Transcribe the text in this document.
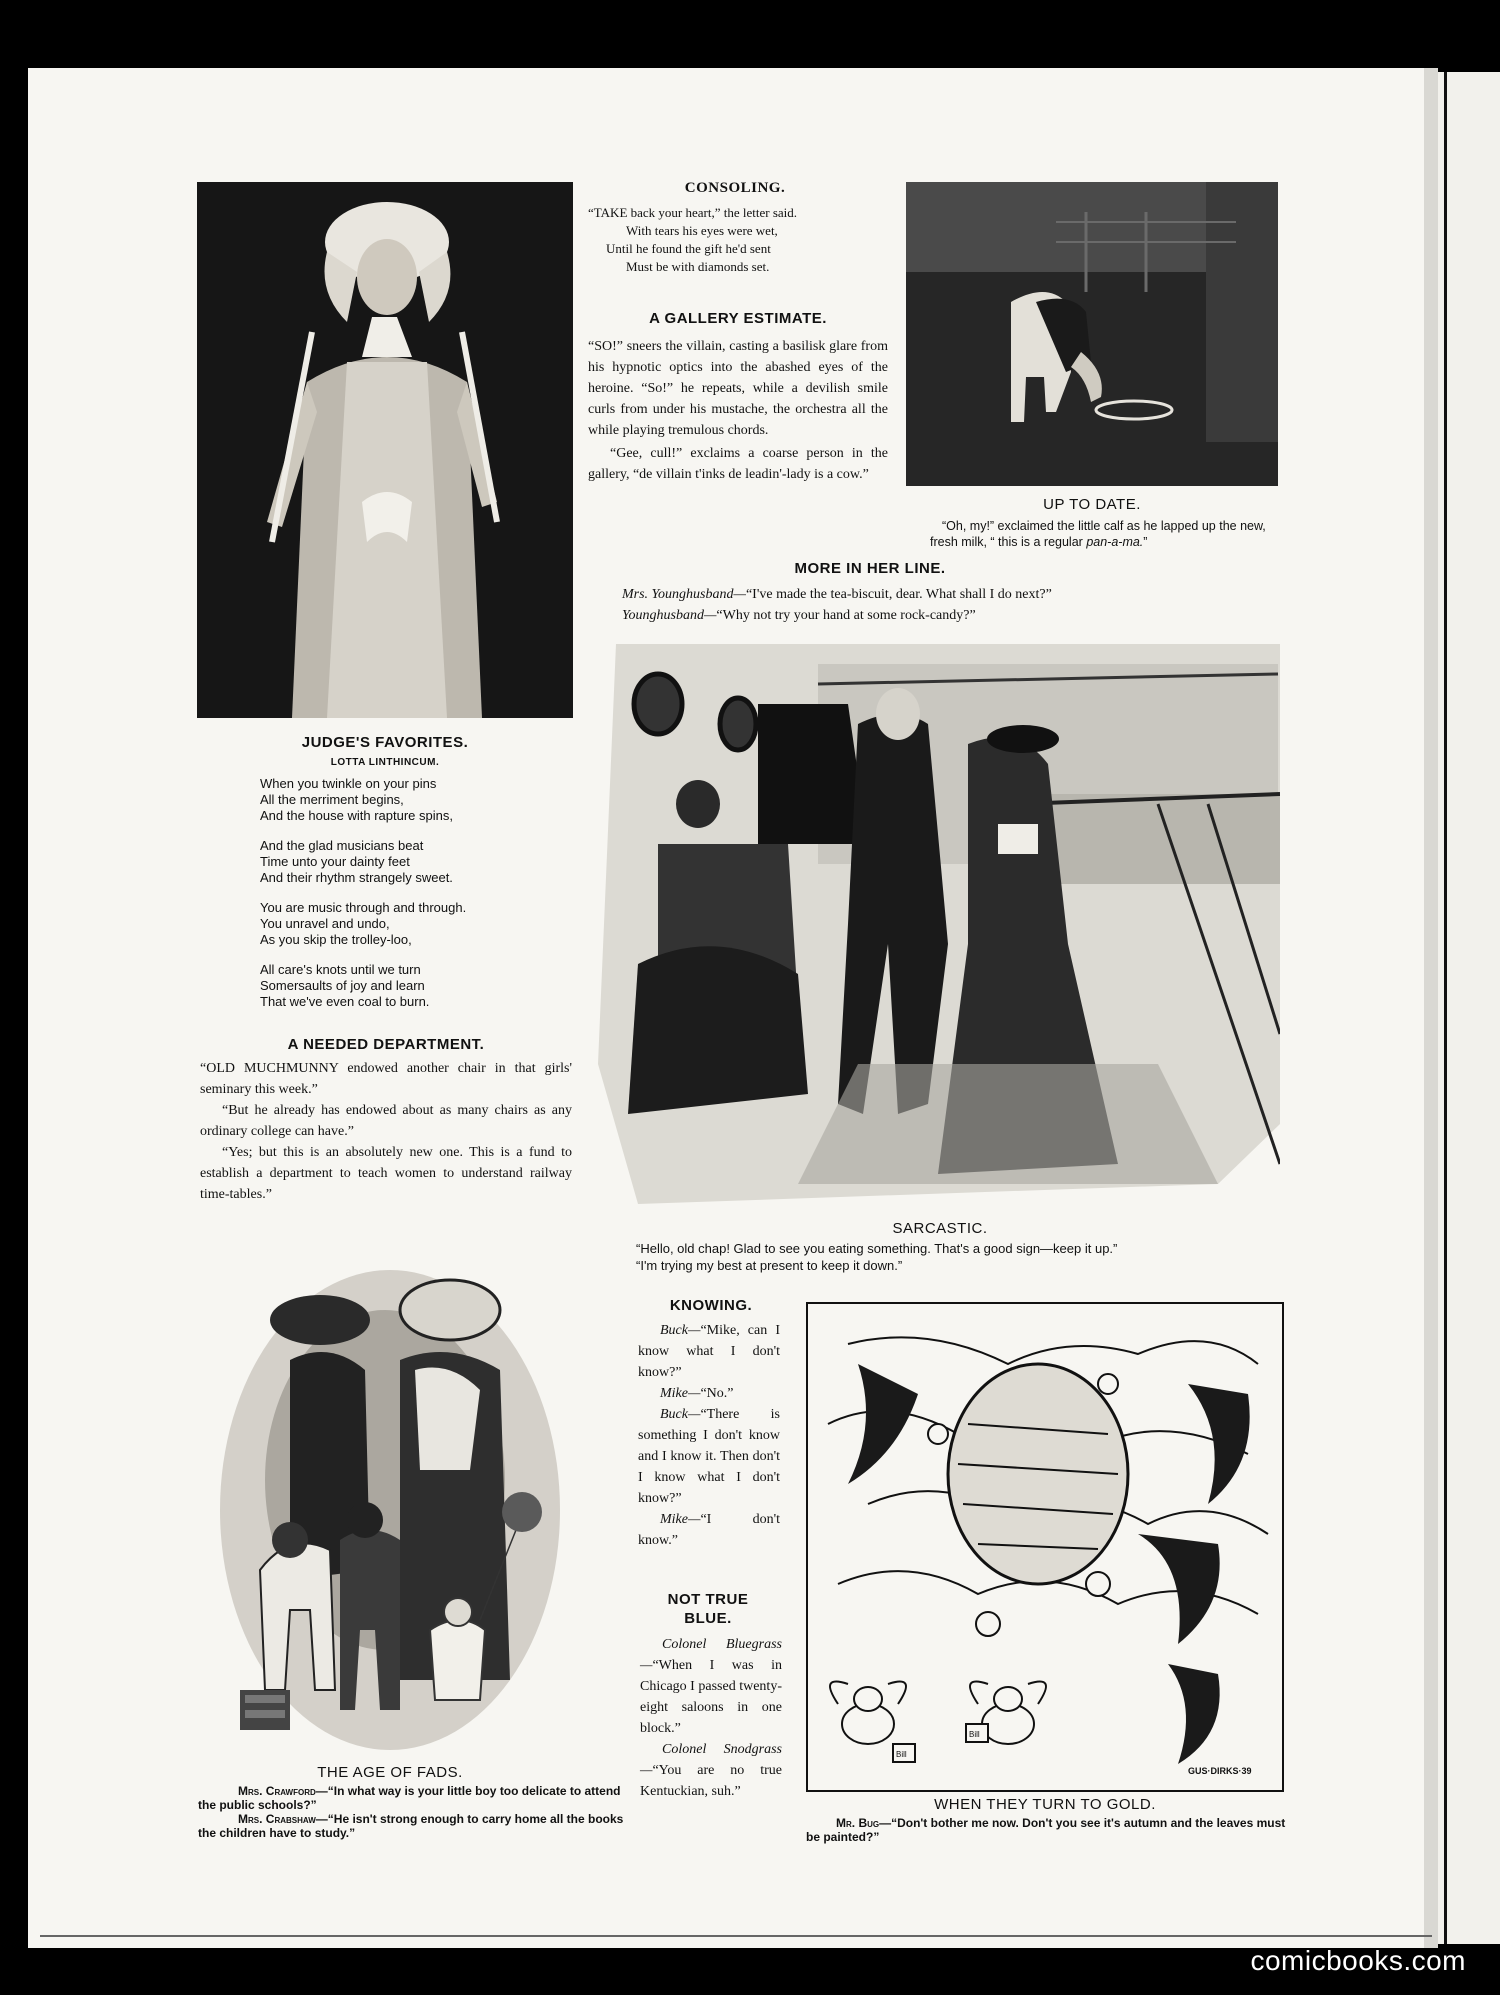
JUDGE'S FAVORITES.
LOTTA LINTHINCUM.

When you twinkle on your pins

All the merriment begins,

And the house with rapture spins,

And the glad musicians beat

Time unto your dainty feet

And their rhythm strangely sweet.

You are music through and through.

You unravel and undo,

As you skip the trolley-loo,

All care's knots until we turn

Somersaults of joy and learn

That we've even coal to burn.

A NEEDED DEPARTMENT.

“OLD MUCHMUNNY endowed another chair in that girls' seminary this week.”

“But he already has endowed about as many chairs as any ordinary college can have.”

“Yes; but this is an absolutely new one. This is a fund to establish a department to teach women to understand railway time-tables.”

CONSOLING.

“TAKE back your heart,” the letter said.

With tears his eyes were wet,

Until he found the gift he'd sent

Must be with diamonds set.

A GALLERY ESTIMATE.

“SO!” sneers the villain, casting a basilisk glare from his hypnotic optics into the abashed eyes of the heroine. “So!” he repeats, while a devilish smile curls from under his mustache, the orchestra all the while playing tremulous chords.

“Gee, cull!” exclaims a coarse person in the gallery, “de villain t'inks de leadin'-lady is a cow.”

UP TO DATE.
“Oh, my!” exclaimed the little calf as he lapped up the new, fresh milk, “ this is a regular pan-a-ma.”
MORE IN HER LINE.

Mrs. Younghusband—“I've made the tea-biscuit, dear. What shall I do next?”

Younghusband—“Why not try your hand at some rock-candy?”

SARCASTIC.

“Hello, old chap! Glad to see you eating something. That's a good sign—keep it up.”

“I'm trying my best at present to keep it down.”

THE AGE OF FADS.

Mrs. Crawford—“In what way is your little boy too delicate to attend the public schools?”

Mrs. Crabshaw—“He isn't strong enough to carry home all the books the children have to study.”

KNOWING.

Buck—“Mike, can I know what I don't know?”

Mike—“No.”

Buck—“There is something I don't know and I know it. Then don't I know what I don't know?”

Mike—“I don't know.”

NOT TRUE
BLUE.

Colonel Bluegrass—“When I was in Chicago I passed twenty-eight saloons in one block.”

Colonel Snodgrass—“You are no true Kentuckian, suh.”

Bill
Bill
GUS·DIRKS·39
WHEN THEY TURN TO GOLD.

Mr. Bug—“Don't bother me now. Don't you see it's autumn and the leaves must be painted?”

comicbooks.com
